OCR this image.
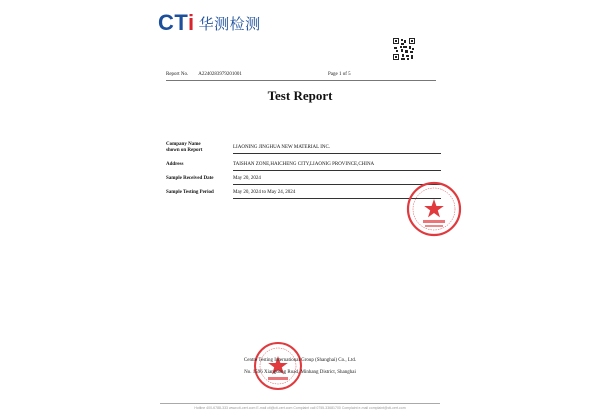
CTi 华测检测
Report No. A2240283979201001	Page 1 of 5
Test Report
Company Name
shown on Report
LIAONING JINGHUA NEW MATERIAL INC.
Address	TAISHAN ZONE,HAICHENG CITY,LIAONIG PROVINCE,CHINA
Sample Received Date	May 20, 2024
Sample Testing Period	May 20, 2024 to May 24, 2024
Centre Testing International Group (Shanghai) Co., Ltd.
No. 1596 Xiangdong Road, Minhang District, Shanghai
Hotline 400-6788-333 www.cti-cert.com E-mail cti@cti-cert.com Complaint call 0755-33681700 Complaint e-mail complaint@cti-cert.com
